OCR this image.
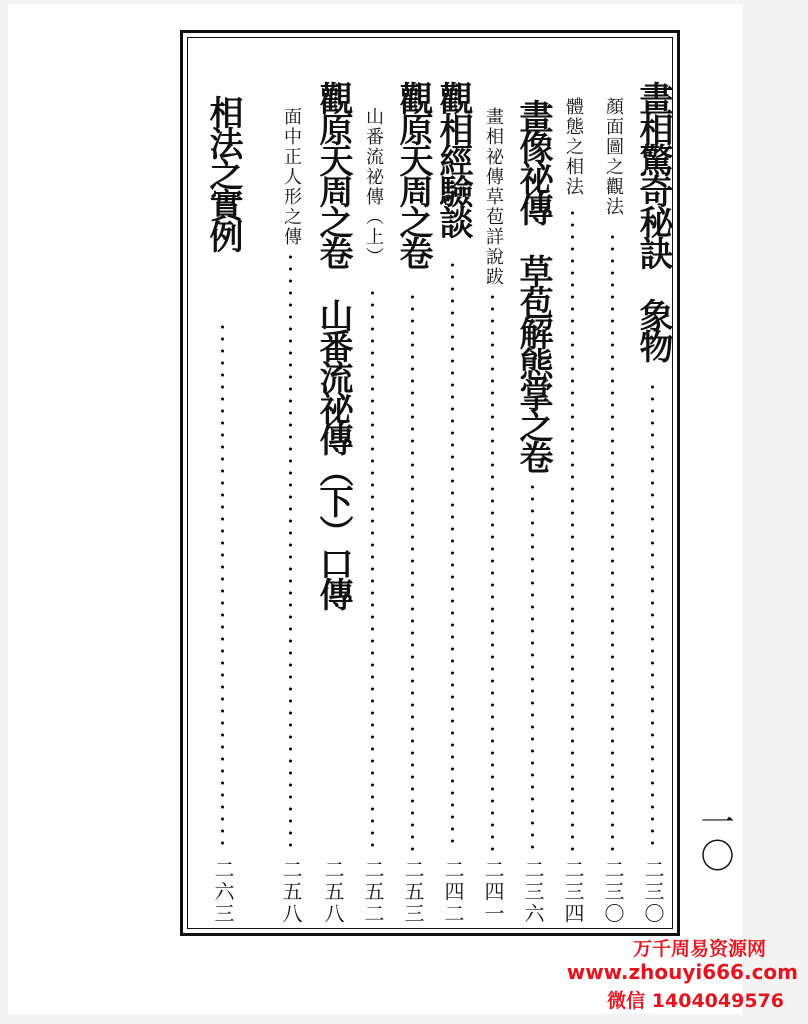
畫相驚奇秘訣　象物
二三〇
顏面圖之觀法
二三〇
體態之相法
二三四
畫像祕傳　草苞解態掌之卷
二三六
畫相祕傳草苞詳說跋
二四一
觀相經驗談
二四二
觀原天周之卷
二五三
山番流祕傳（上）
二五二
觀原天周之卷　山番流祕傳（下）口傳
二五八
面中正人形之傳
二五八
相法之實例
二六三
一〇
万千周易资源网
www.zhouyi666.com
微信 1404049576
